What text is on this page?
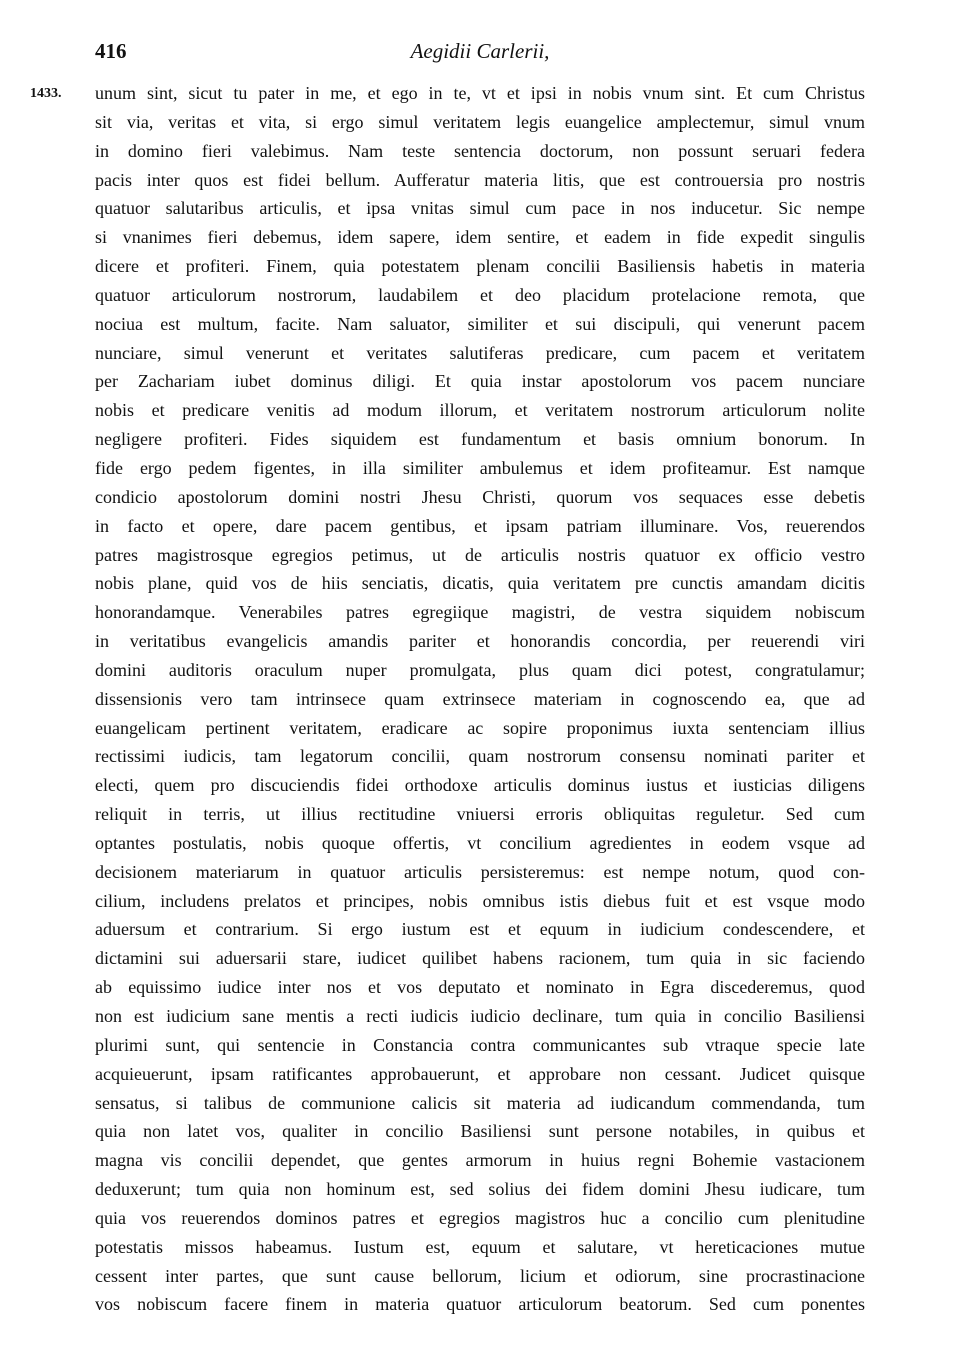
416	Aegidii Carlerii,
1433. unum sint, sicut tu pater in me, et ego in te, vt et ipsi in nobis vnum sint. Et cum Christus
sit via, veritas et vita, si ergo simul veritatem legis euangelice amplectemur, simul vnum
in domino fieri valebimus. Nam teste sentencia doctorum, non possunt seruari federa
pacis inter quos est fidei bellum. Aufferatur materia litis, que est controuersia pro nostris
quatuor salutaribus articulis, et ipsa vnitas simul cum pace in nos inducetur. Sic nempe
si vnanimes fieri debemus, idem sapere, idem sentire, et eadem in fide expedit singulis
dicere et profiteri. Finem, quia potestatem plenam concilii Basiliensis habetis in materia
quatuor articulorum nostrorum, laudabilem et deo placidum protelacione remota, que
nociua est multum, facite. Nam saluator, similiter et sui discipuli, qui venerunt pacem
nunciare, simul venerunt et veritates salutiferas predicare, cum pacem et veritatem
per Zachariam iubet dominus diligi. Et quia instar apostolorum vos pacem nunciare
nobis et predicare venitis ad modum illorum, et veritatem nostrorum articulorum nolite
negligere profiteri. Fides siquidem est fundamentum et basis omnium bonorum. In
fide ergo pedem figentes, in illa similiter ambulemus et idem profiteamur. Est namque
condicio apostolorum domini nostri Jhesu Christi, quorum vos sequaces esse debetis
in facto et opere, dare pacem gentibus, et ipsam patriam illuminare. Vos, reuerendos
patres magistrosque egregios petimus, ut de articulis nostris quatuor ex officio vestro
nobis plane, quid vos de hiis senciatis, dicatis, quia veritatem pre cunctis amandam dicitis
honorandamque. Venerabiles patres egregiique magistri, de vestra siquidem nobiscum
in veritatibus evangelicis amandis pariter et honorandis concordia, per reuerendi viri
domini auditoris oraculum nuper promulgata, plus quam dici potest, congratulamur;
dissensionis vero tam intrinsece quam extrinsece materiam in cognoscendo ea, que ad
euangelicam pertinent veritatem, eradicare ac sopire proponimus iuxta sentenciam illius
rectissimi iudicis, tam legatorum concilii, quam nostrorum consensu nominati pariter et
electi, quem pro discuciendis fidei orthodoxe articulis dominus iustus et iusticias diligens
reliquit in terris, ut illius rectitudine vniuersi erroris obliquitas reguletur. Sed cum
optantes postulatis, nobis quoque offertis, vt concilium agredientes in eodem vsque ad
decisionem materiarum in quatuor articulis persisteremus: est nempe notum, quod con-
cilium, includens prelatos et principes, nobis omnibus istis diebus fuit et est vsque modo
aduersum et contrarium. Si ergo iustum est et equum in iudicium condescendere, et
dictamini sui aduersarii stare, iudicet quilibet habens racionem, tum quia in sic faciendo
ab equissimo iudice inter nos et vos deputato et nominato in Egra discederemus, quod
non est iudicium sane mentis a recti iudicis iudicio declinare, tum quia in concilio Basiliensi
plurimi sunt, qui sentencie in Constancia contra communicantes sub vtraque specie late
acquieuerunt, ipsam ratificantes approbauerunt, et approbare non cessant. Judicet quisque
sensatus, si talibus de communione calicis sit materia ad iudicandum commendanda, tum
quia non latet vos, qualiter in concilio Basiliensi sunt persone notabiles, in quibus et
magna vis concilii dependet, que gentes armorum in huius regni Bohemie vastacionem
deduxerunt; tum quia non hominum est, sed solius dei fidem domini Jhesu iudicare, tum
quia vos reuerendos dominos patres et egregios magistros huc a concilio cum plenitudine
potestatis missos habeamus. Iustum est, equum et salutare, vt hereticaciones mutue
cessent inter partes, que sunt cause bellorum, licium et odiorum, sine procrastinacione
vos nobiscum facere finem in materia quatuor articulorum beatorum. Sed cum ponentes
